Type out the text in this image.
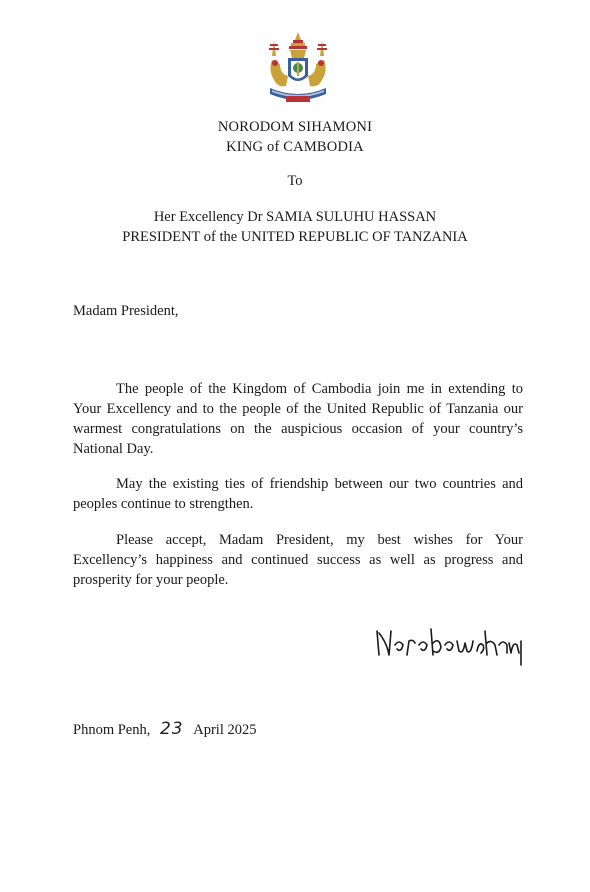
NORODOM SIHAMONI
KING of CAMBODIA
To
Her Excellency Dr SAMIA SULUHU HASSAN
PRESIDENT of the UNITED REPUBLIC OF TANZANIA
Madam President,

The people of the Kingdom of Cambodia join me in extending to Your Excellency and to the people of the United Republic of Tanzania our warmest congratulations on the auspicious occasion of your country’s National Day.

May the existing ties of friendship between our two countries and peoples continue to strengthen.

Please accept, Madam President, my best wishes for Your Excellency’s happiness and continued success as well as progress and prosperity for your people.

Phnom Penh, 23 April 2025
